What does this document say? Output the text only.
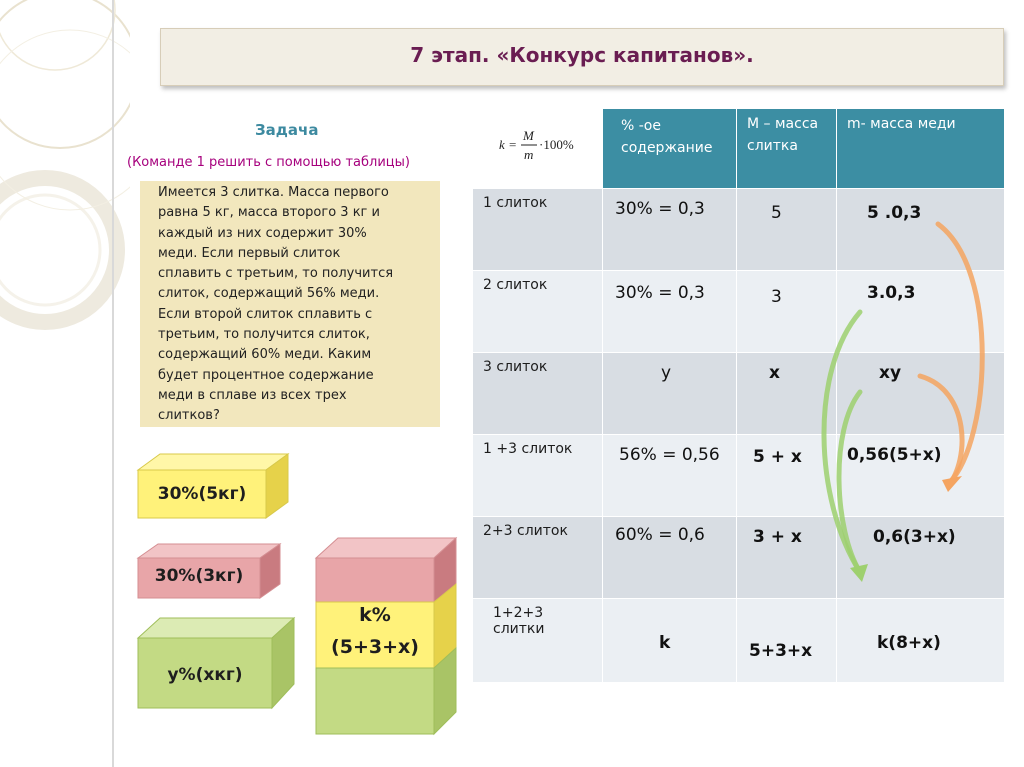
7 этап. «Конкурс капитанов».
Задача
(Команде 1 решить с помощью таблицы)
Имеется 3 слитка. Масса первого
равна 5 кг, масса второго 3 кг и
каждый из них содержит 30%
меди. Если первый слиток
сплавить с третьим, то получится
слиток, содержащий 56% меди.
Если второй слиток сплавить с
третьим, то получится слиток,
содержащий 60% меди. Каким
будет процентное содержание
меди в сплаве из всех трех
слитков?
30%(5кг)
30%(3кг)
у%(хкг)
k%
(5+3+х)
k =
M
m
·100%	% -ое содержание	М – масса слитка	m- масса меди

1 слиток	30% = 0,3	5	5 .0,3

2 слиток	30% = 0,3	3	3.0,3

3 слиток	у	х	ху

1 +3 слиток	56% = 0,56	5 + х	0,56(5+х)

2+3 слиток	60% = 0,6	3 + х	0,6(3+х)

1+2+3 слитки	k	5+3+х	k(8+х)
